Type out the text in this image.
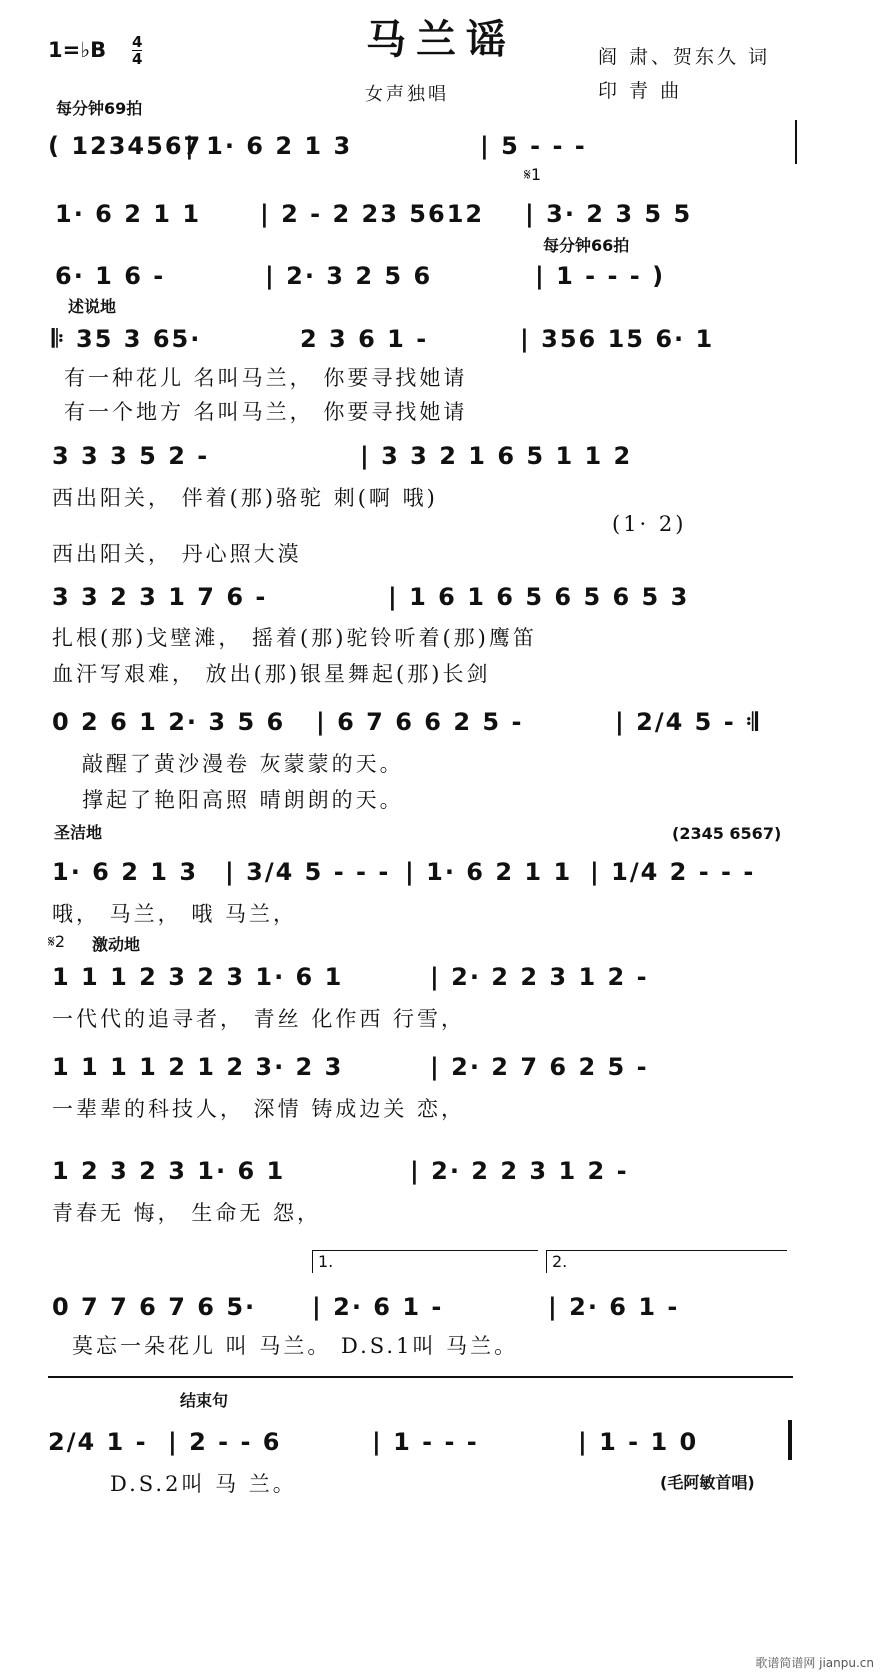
马兰谣
1=♭B 4
4	阎 肃、贺东久 词
印 青 曲
女声独唱
每分钟69拍
( 1234567
| 1· 6 2 1 3	| 5 - - -
1· 6 2 1 1 | 2 - 2 23 5612 | 3· 2 3 5 5
𝄋1
每分钟66拍
6· 1 6 -	| 2· 3 2 5 6	| 1 - - - )
述说地
𝄆 35 3 65·	2 3 6 1 -	| 356 15 6· 1
有一种花儿 名叫马兰， 你要寻找她请
有一个地方 名叫马兰， 你要寻找她请
3 3 3 5 2 -	| 3 3 2 1 6 5 1 1 2
西出阳关， 伴着(那)骆驼 刺(啊 哦)
(1· 2)
西出阳关， 丹心照大漠
3 3 2 3 1 7 6 -	| 1 6 1 6 5 6 5 6 5 3
扎根(那)戈壁滩， 摇着(那)驼铃听着(那)鹰笛
血汗写艰难， 放出(那)银星舞起(那)长剑
0 2 6 1 2· 3 5 6 | 6 7 6 6 2 5 -	| 2/4 5 - 𝄇
敲醒了黄沙漫卷 灰蒙蒙的天。
撑起了艳阳高照 晴朗朗的天。
圣洁地	(2345 6567)
1· 6 2 1 3 | 3/4 5 - - - | 1· 6 2 1 1 | 1/4 2 - - -
哦， 马兰， 哦 马兰，
𝄋2 激动地
1 1 1 2 3 2 3 1· 6 1	| 2· 2 2 3 1 2 -
一代代的追寻者， 青丝 化作西 行雪，
1 1 1 1 2 1 2 3· 2 3	| 2· 2 7 6 2 5 -
一辈辈的科技人， 深情 铸成边关 恋，
1 2 3 2 3 1· 6 1	| 2· 2 2 3 1 2 -
青春无 悔， 生命无 怨，
1.	2.
0 7 7 6 7 6 5· | 2· 6 1 -	| 2· 6 1 -
莫忘一朵花儿 叫 马兰。 D.S.1叫 马兰。
结束句
2/4 1 - | 2 - - 6	| 1 - - -	| 1 - 1 0
D.S.2叫 马 兰。	(毛阿敏首唱)
歌谱简谱网 jianpu.cn
